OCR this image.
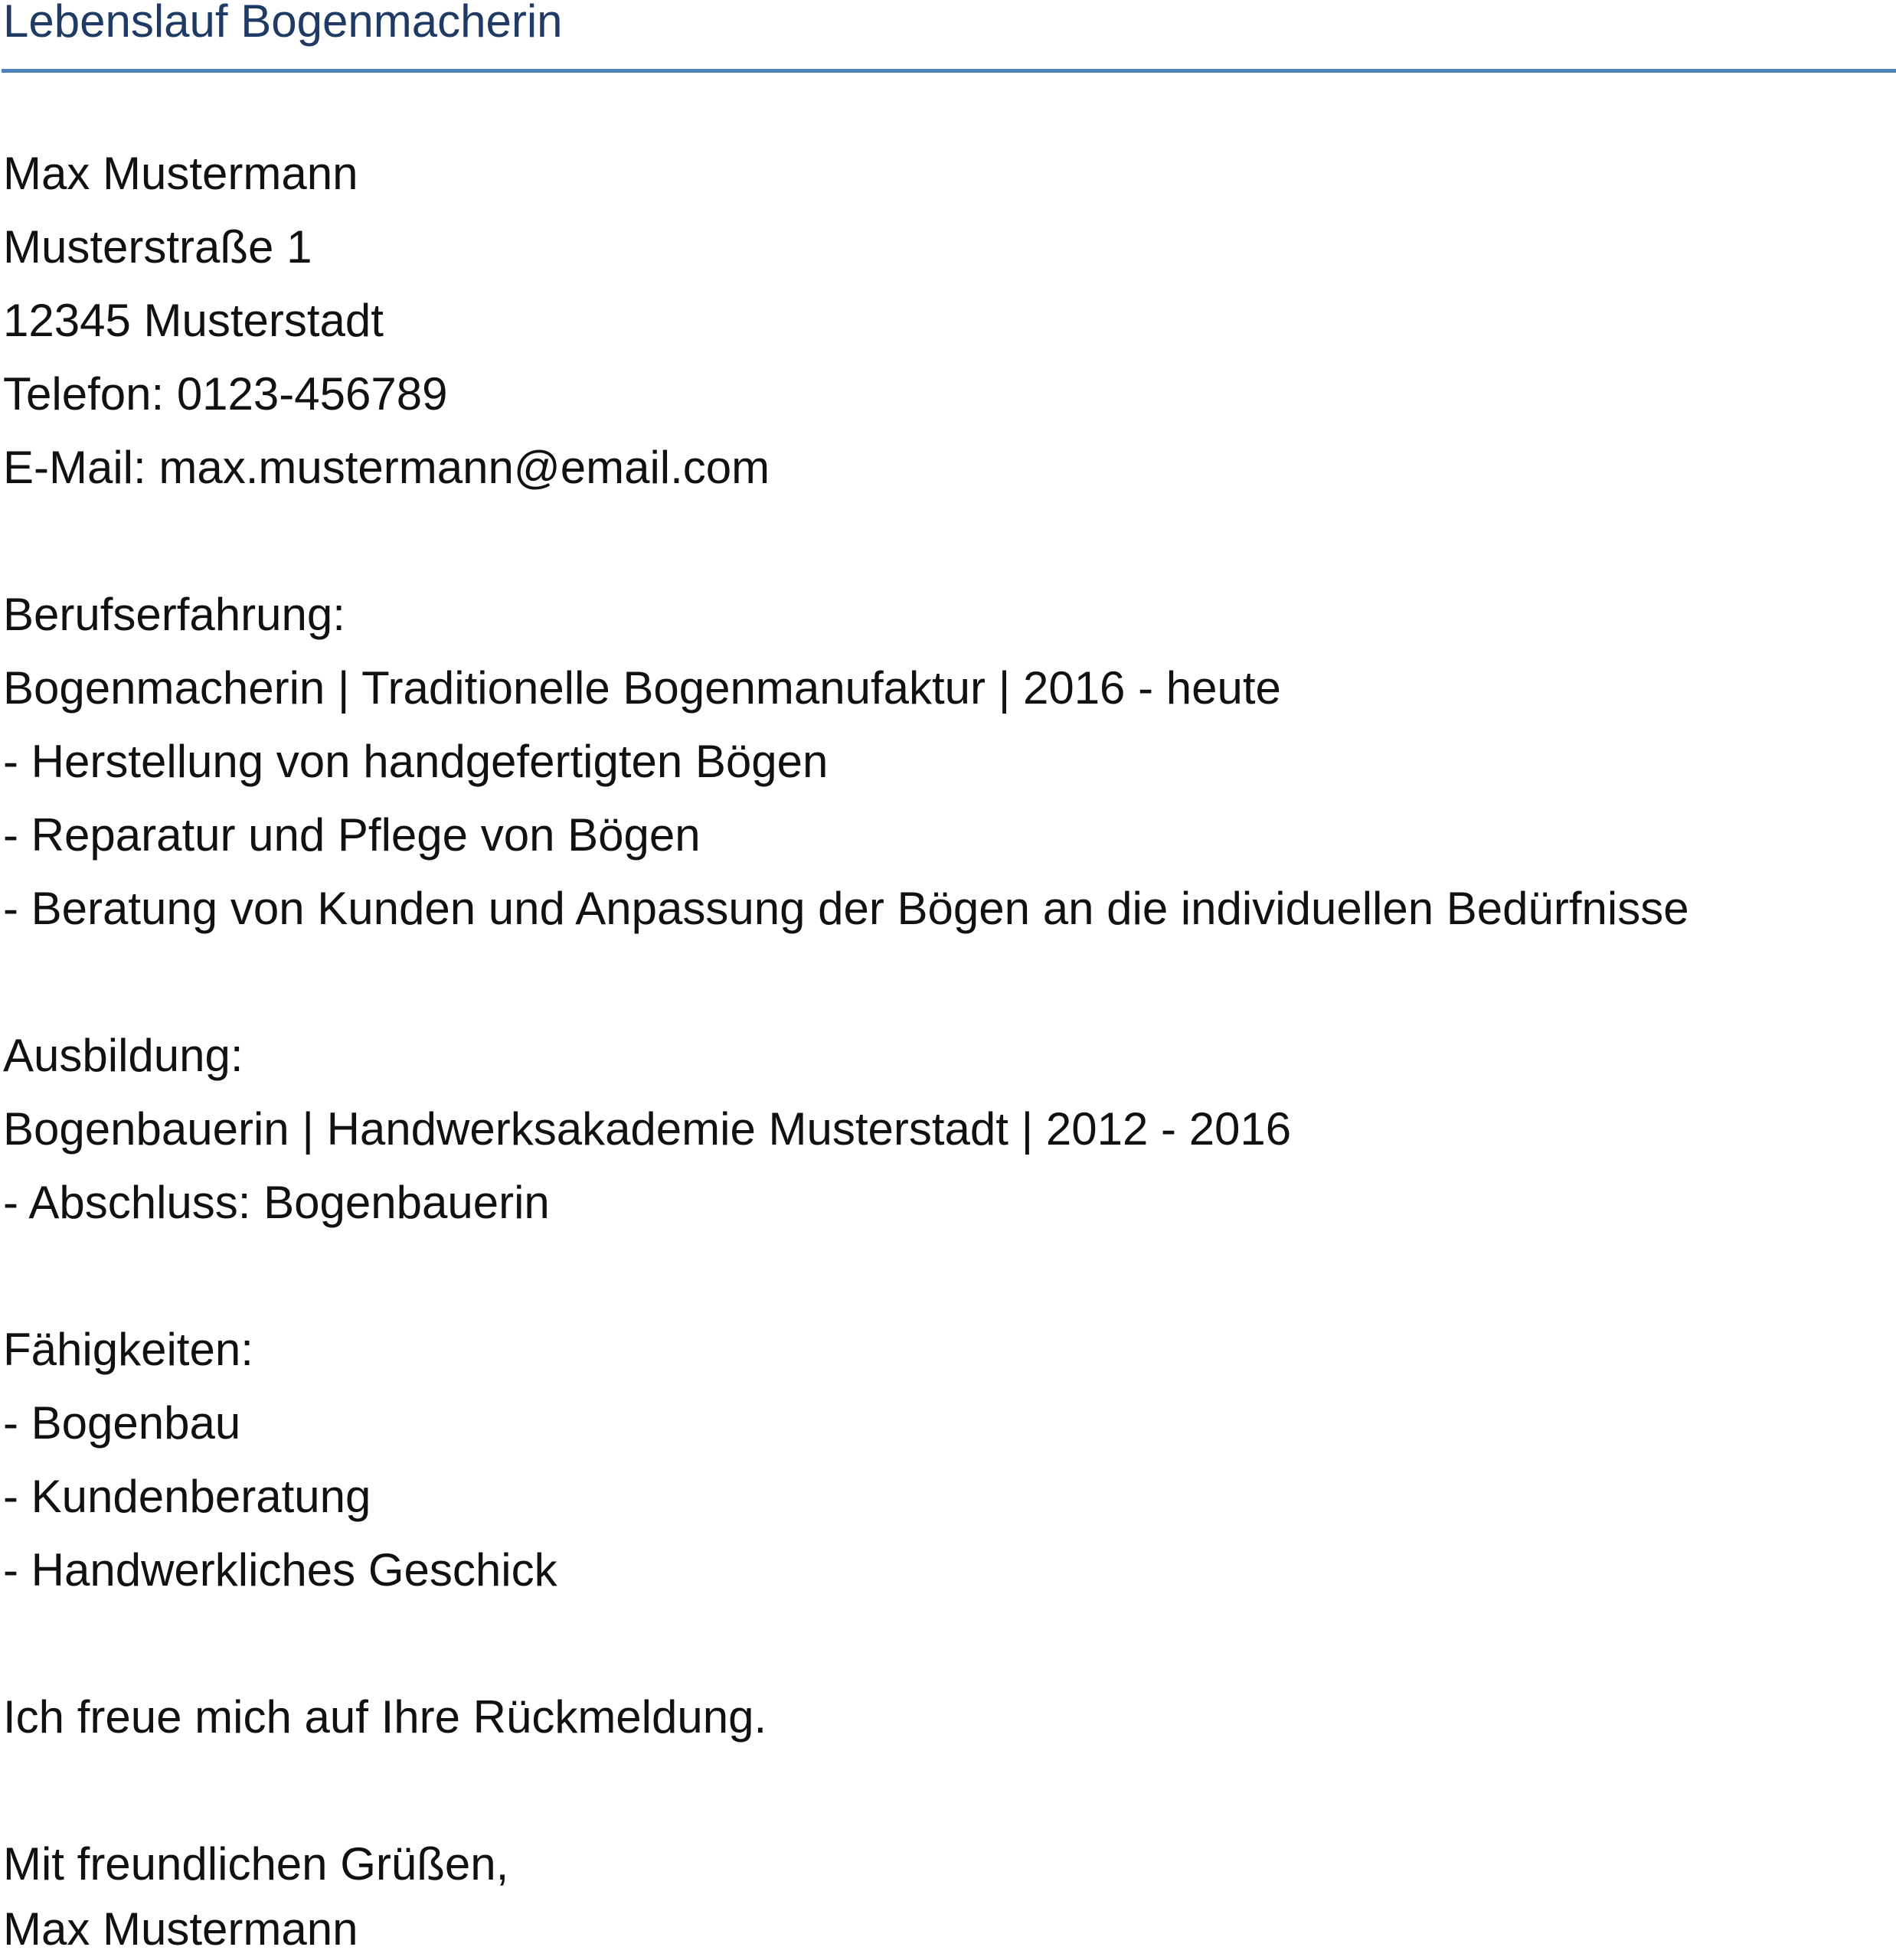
Lebenslauf Bogenmacherin

Max Mustermann

Musterstraße 1

12345 Musterstadt

Telefon: 0123-456789

E-Mail: max.mustermann@email.com

Berufserfahrung:

Bogenmacherin | Traditionelle Bogenmanufaktur | 2016 - heute

- Herstellung von handgefertigten Bögen

- Reparatur und Pflege von Bögen

- Beratung von Kunden und Anpassung der Bögen an die individuellen Bedürfnisse

Ausbildung:

Bogenbauerin | Handwerksakademie Musterstadt | 2012 - 2016

- Abschluss: Bogenbauerin

Fähigkeiten:

- Bogenbau

- Kundenberatung

- Handwerkliches Geschick

Ich freue mich auf Ihre Rückmeldung.

Mit freundlichen Grüßen,

Max Mustermann
